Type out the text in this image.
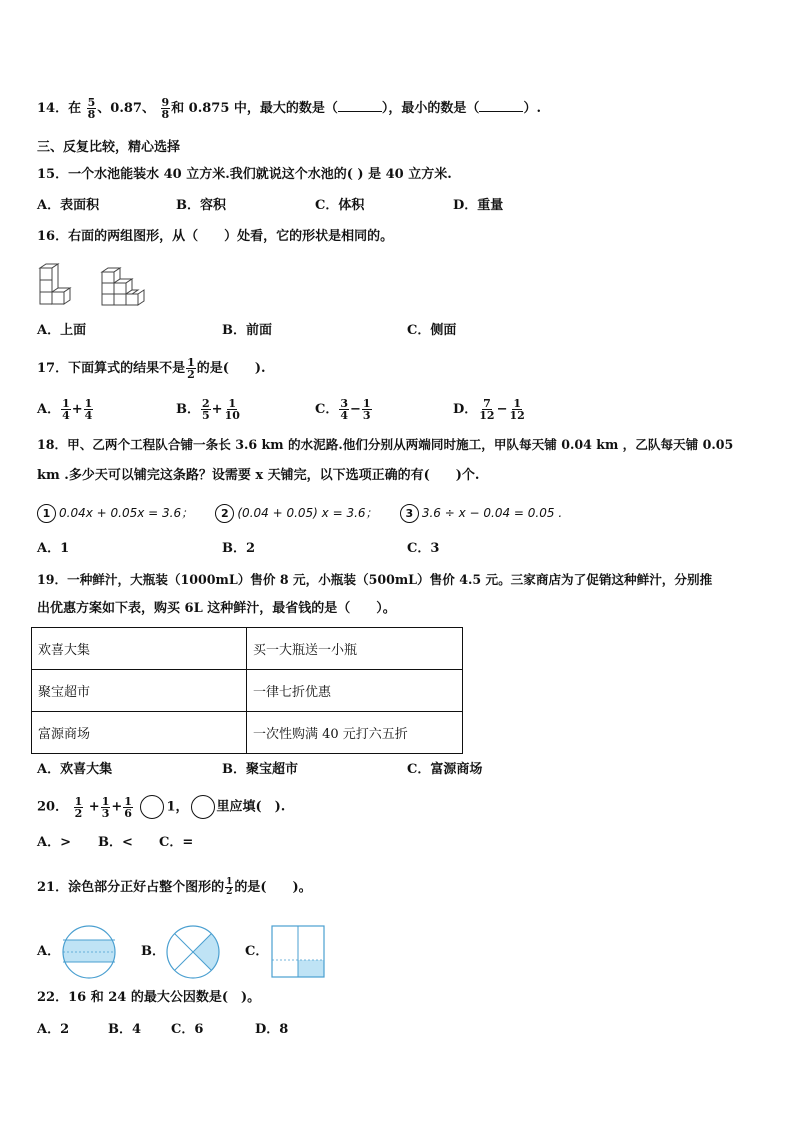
14．在 $\frac{5}{8}$ 、0.87、 $\frac{9}{8}$ 和 0.875 中，最大的数是（	），最小的数是（	）.
三、反复比较，精心选择
15．一个水池能装水 40 立方米.我们就说这个水池的( ) 是 40 立方米.
A．表面积	B．容积	C．体积	D．重量
16．右面的两组图形，从（　　）处看，它的形状是相同的。
A．上面	B．前面	C．侧面
17．下面算式的结果不是 $\frac{1}{2}$ 的是(　　).
A． $\frac{1}{4} + \frac{1}{4}$	B． $\frac{2}{5} + \frac{1}{10}$	C． $\frac{3}{4} - \frac{1}{3}$	D． $\frac{7}{12} - \frac{1}{12}$
18．甲、乙两个工程队合铺一条长 3.6 km 的水泥路.他们分别从两端同时施工，甲队每天铺 0.04 km ，乙队每天铺 0.05
km .多少天可以铺完这条路？设需要 x 天铺完，以下选项正确的有(　　)个.
1 0.04x + 0.05x = 3.6；	2 (0.04 + 0.05) x = 3.6；	3 3.6 ÷ x − 0.04 = 0.05 .
A．1	B．2	C．3
19．一种鲜汁，大瓶装（1000mL）售价 8 元，小瓶装（500mL）售价 4.5 元。三家商店为了促销这种鲜汁，分别推
出优惠方案如下表，购买 6L 这种鲜汁，最省钱的是（　　）。
欢喜大集	买一大瓶送一小瓶
聚宝超市	一律七折优惠
富源商场	一次性购满 40 元打六五折
A．欢喜大集	B．聚宝超市	C．富源商场
20． $\frac{1}{2} + \frac{1}{3} + \frac{1}{6}$	1， 里应填(　).
A．> B．< C．=
21．涂色部分正好占整个图形的 $\frac{1}{2}$ 的是(　　)。
A．	B．	C．
22．16 和 24 的最大公因数是(　)。
A．2	B．4 C．6	D．8
